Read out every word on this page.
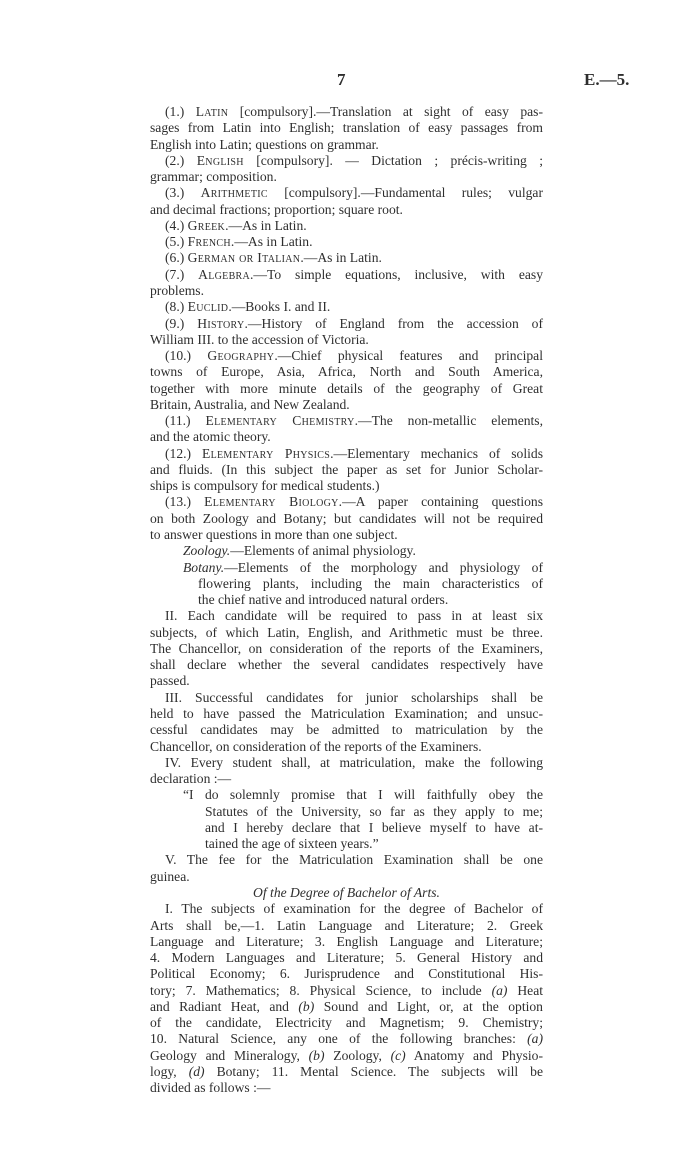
7	E.—5.
(1.) Latin [compulsory].—Translation at sight of easy pas-
sages from Latin into English; translation of easy passages from
English into Latin; questions on grammar.
(2.) English [compulsory]. — Dictation ; précis-writing ;
grammar; composition.
(3.) Arithmetic [compulsory].—Fundamental rules; vulgar
and decimal fractions; proportion; square root.
(4.) Greek.—As in Latin.
(5.) French.—As in Latin.
(6.) German or Italian.—As in Latin.
(7.) Algebra.—To simple equations, inclusive, with easy
problems.
(8.) Euclid.—Books I. and II.
(9.) History.—History of England from the accession of
William III. to the accession of Victoria.
(10.) Geography.—Chief physical features and principal
towns of Europe, Asia, Africa, North and South America,
together with more minute details of the geography of Great
Britain, Australia, and New Zealand.
(11.) Elementary Chemistry.—The non-metallic elements,
and the atomic theory.
(12.) Elementary Physics.—Elementary mechanics of solids
and fluids. (In this subject the paper as set for Junior Scholar-
ships is compulsory for medical students.)
(13.) Elementary Biology.—A paper containing questions
on both Zoology and Botany; but candidates will not be required
to answer questions in more than one subject.
Zoology.—Elements of animal physiology.
Botany.—Elements of the morphology and physiology of
flowering plants, including the main characteristics of
the chief native and introduced natural orders.
II. Each candidate will be required to pass in at least six
subjects, of which Latin, English, and Arithmetic must be three.
The Chancellor, on consideration of the reports of the Examiners,
shall declare whether the several candidates respectively have
passed.
III. Successful candidates for junior scholarships shall be
held to have passed the Matriculation Examination; and unsuc-
cessful candidates may be admitted to matriculation by the
Chancellor, on consideration of the reports of the Examiners.
IV. Every student shall, at matriculation, make the following
declaration :—
“I do solemnly promise that I will faithfully obey the
Statutes of the University, so far as they apply to me;
and I hereby declare that I believe myself to have at-
tained the age of sixteen years.”
V. The fee for the Matriculation Examination shall be one
guinea.
Of the Degree of Bachelor of Arts.
I. The subjects of examination for the degree of Bachelor of
Arts shall be,—1. Latin Language and Literature; 2. Greek
Language and Literature; 3. English Language and Literature;
4. Modern Languages and Literature; 5. General History and
Political Economy; 6. Jurisprudence and Constitutional His-
tory; 7. Mathematics; 8. Physical Science, to include (a) Heat
and Radiant Heat, and (b) Sound and Light, or, at the option
of the candidate, Electricity and Magnetism; 9. Chemistry;
10. Natural Science, any one of the following branches: (a)
Geology and Mineralogy, (b) Zoology, (c) Anatomy and Physio-
logy, (d) Botany; 11. Mental Science. The subjects will be
divided as follows :—
